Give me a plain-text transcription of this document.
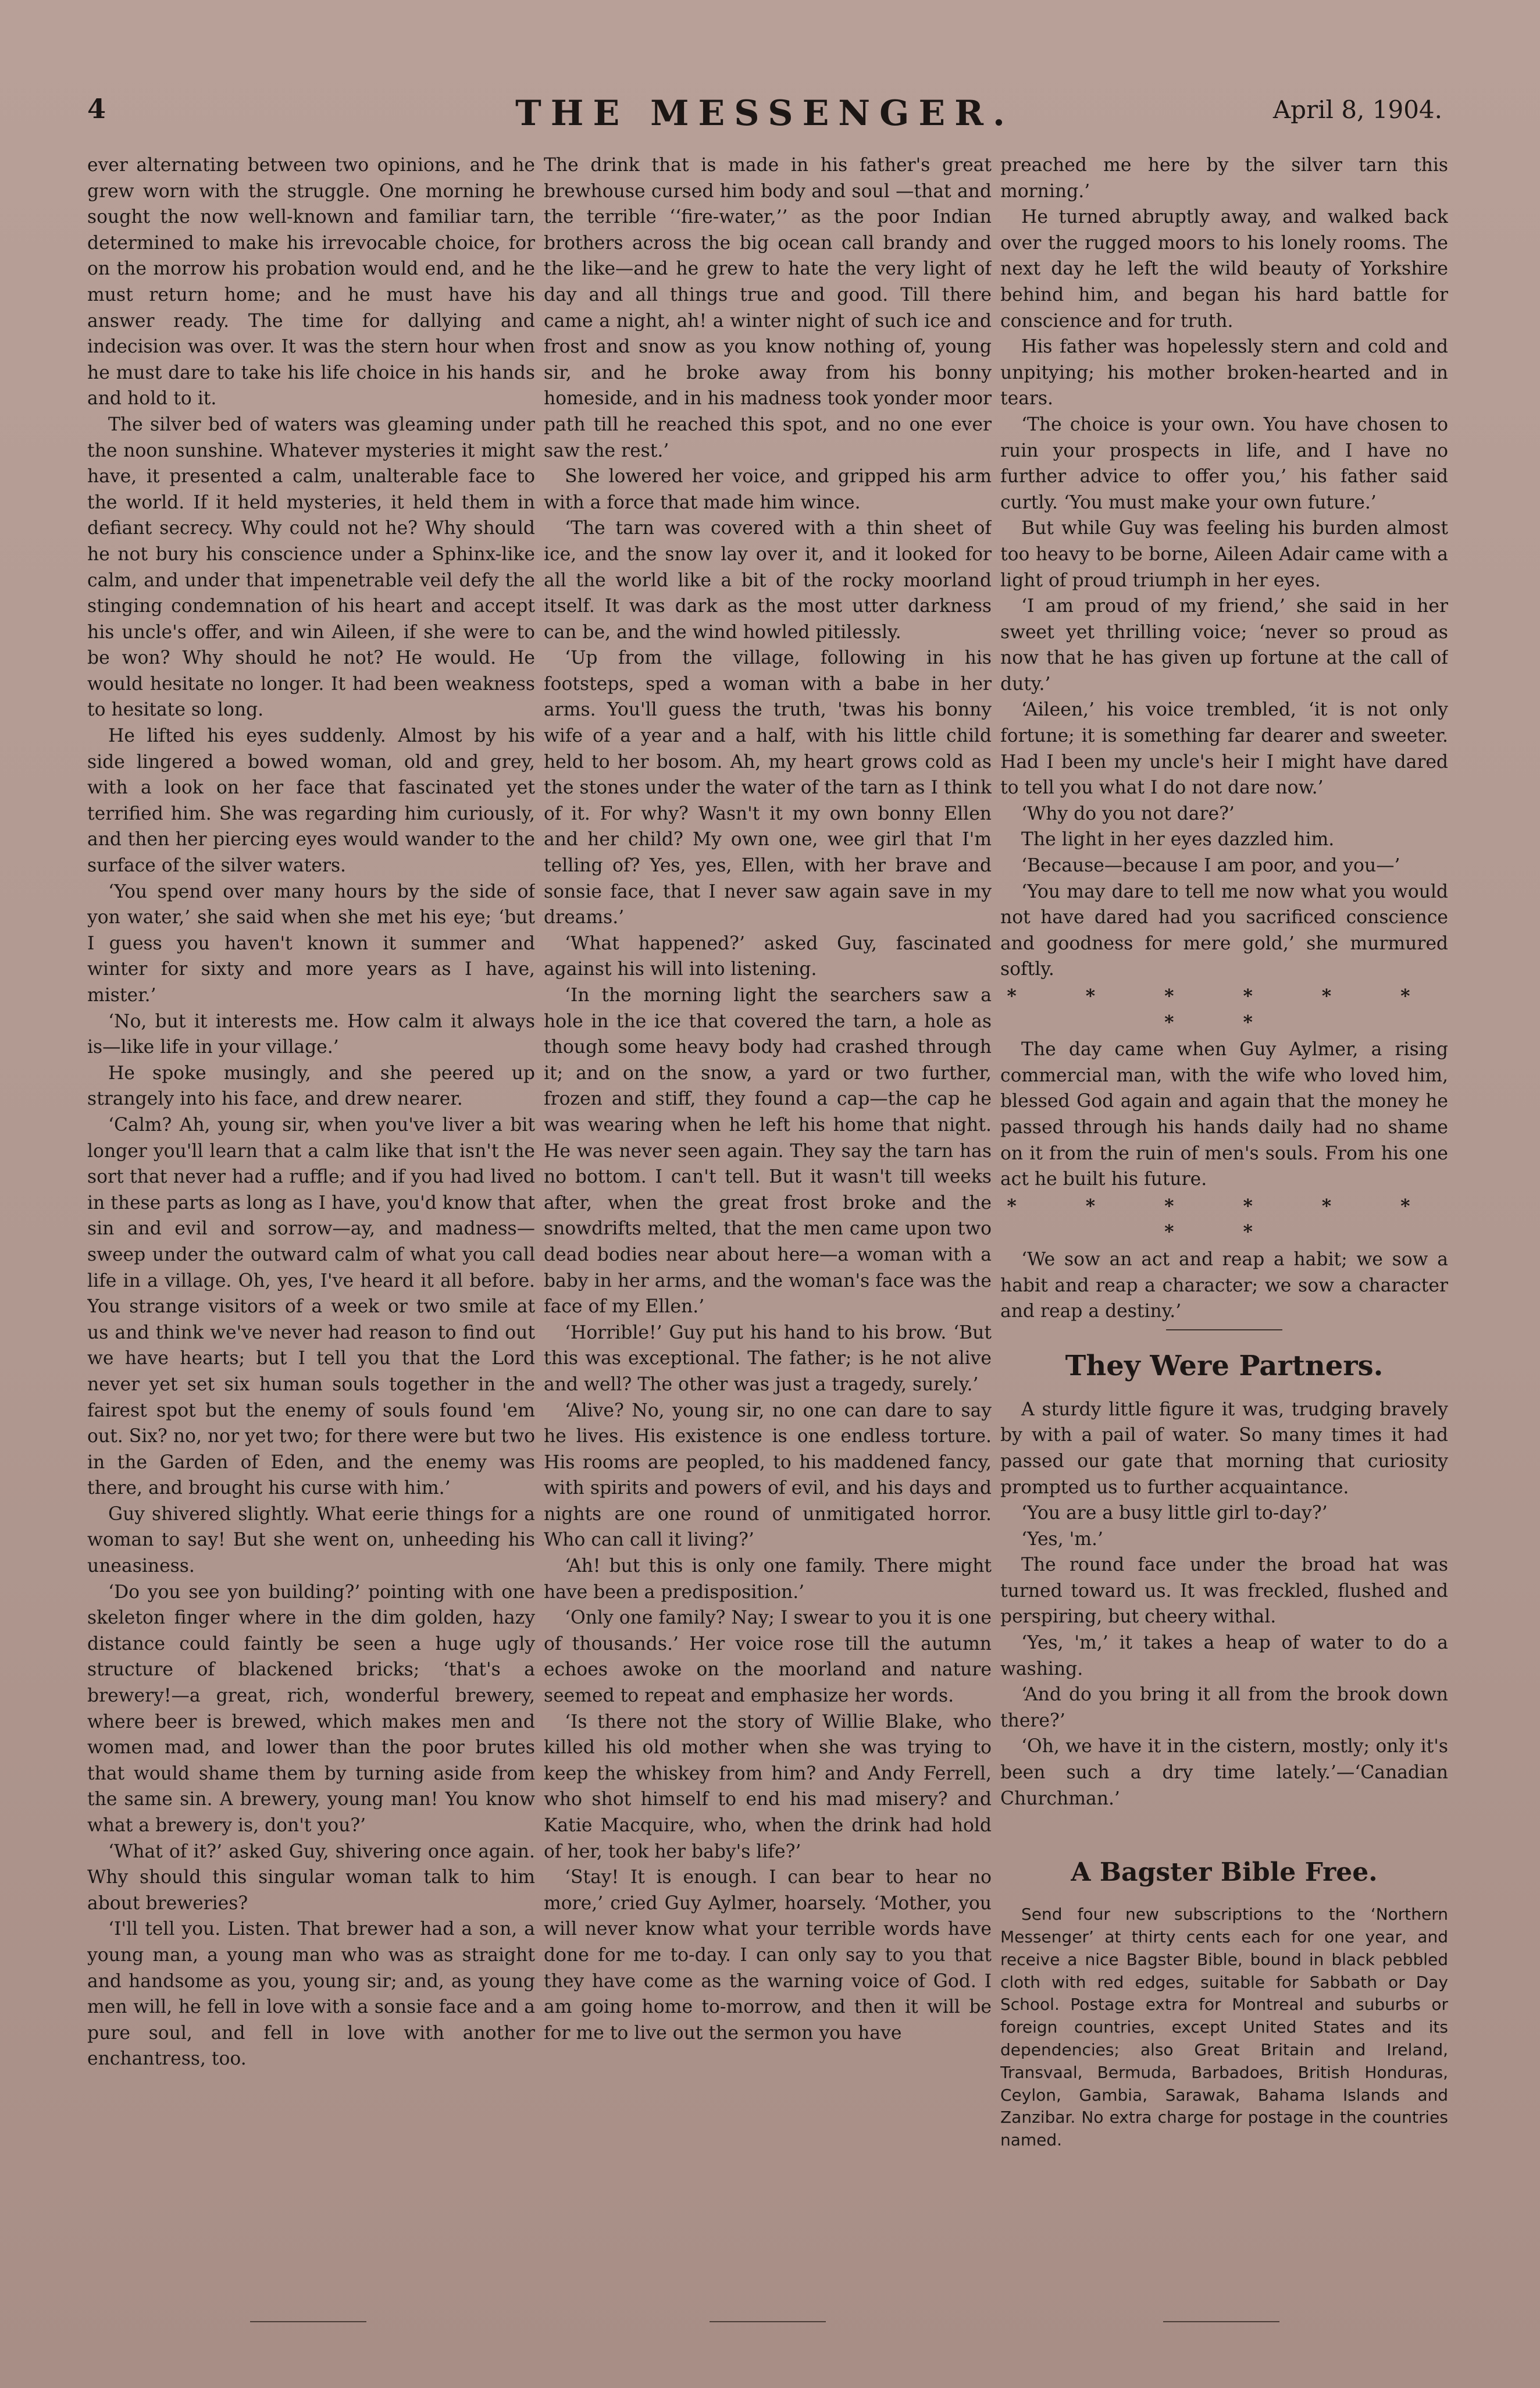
4	THE MESSENGER.	April 8, 1904.

ever alternating between two opinions, and he grew worn with the struggle. One morning he sought the now well-known and familiar tarn, determined to make his irrevocable choice, for on the morrow his probation would end, and he must return home; and he must have his answer ready. The time for dallying and indecision was over. It was the stern hour when he must dare to take his life choice in his hands and hold to it.

The silver bed of waters was gleaming under the noon sunshine. Whatever mysteries it might have, it presented a calm, unalterable face to the world. If it held mysteries, it held them in defiant secrecy. Why could not he? Why should he not bury his conscience under a Sphinx-like calm, and under that impenetrable veil defy the stinging condemnation of his heart and accept his uncle's offer, and win Aileen, if she were to be won? Why should he not? He would. He would hesitate no longer. It had been weakness to hesitate so long.

He lifted his eyes suddenly. Almost by his side lingered a bowed woman, old and grey, with a look on her face that fascinated yet terrified him. She was regarding him curiously, and then her piercing eyes would wander to the surface of the silver waters.

‘You spend over many hours by the side of yon water,’ she said when she met his eye; ‘but I guess you haven't known it summer and winter for sixty and more years as I have, mister.’

‘No, but it interests me. How calm it always is—like life in your village.’

He spoke musingly, and she peered up strangely into his face, and drew nearer.

‘Calm? Ah, young sir, when you've liver a bit longer you'll learn that a calm like that isn't the sort that never had a ruffle; and if you had lived in these parts as long as I have, you'd know that sin and evil and sorrow—ay, and madness—sweep under the outward calm of what you call life in a village. Oh, yes, I've heard it all before. You strange visitors of a week or two smile at us and think we've never had reason to find out we have hearts; but I tell you that the Lord never yet set six human souls together in the fairest spot but the enemy of souls found 'em out. Six? no, nor yet two; for there were but two in the Garden of Eden, and the enemy was there, and brought his curse with him.’

Guy shivered slightly. What eerie things for a woman to say! But she went on, unheeding his uneasiness.

‘Do you see yon building?’ pointing with one skeleton finger where in the dim golden, hazy distance could faintly be seen a huge ugly structure of blackened bricks; ‘that's a brewery!—a great, rich, wonderful brewery, where beer is brewed, which makes men and women mad, and lower than the poor brutes that would shame them by turning aside from the same sin. A brewery, young man! You know what a brewery is, don't you?’

‘What of it?’ asked Guy, shivering once again. Why should this singular woman talk to him about breweries?

‘I'll tell you. Listen. That brewer had a son, a young man, a young man who was as straight and handsome as you, young sir; and, as young men will, he fell in love with a sonsie face and a pure soul, and fell in love with another enchantress, too.

The drink that is made in his father's great brewhouse cursed him body and soul —that and the terrible ‘‘fire-water,’’ as the poor Indian brothers across the big ocean call brandy and the like—and he grew to hate the very light of day and all things true and good. Till there came a night, ah! a winter night of such ice and frost and snow as you know nothing of, young sir, and he broke away from his bonny homeside, and in his madness took yonder moor path till he reached this spot, and no one ever saw the rest.’

She lowered her voice, and gripped his arm with a force that made him wince.

‘The tarn was covered with a thin sheet of ice, and the snow lay over it, and it looked for all the world like a bit of the rocky moorland itself. It was dark as the most utter darkness can be, and the wind howled pitilessly.

‘Up from the village, following in his footsteps, sped a woman with a babe in her arms. You'll guess the truth, 'twas his bonny wife of a year and a half, with his little child held to her bosom. Ah, my heart grows cold as the stones under the water of the tarn as I think of it. For why? Wasn't it my own bonny Ellen and her child? My own one, wee girl that I'm telling of? Yes, yes, Ellen, with her brave and sonsie face, that I never saw again save in my dreams.’

‘What happened?’ asked Guy, fascinated against his will into listening.

‘In the morning light the searchers saw a hole in the ice that covered the tarn, a hole as though some heavy body had crashed through it; and on the snow, a yard or two further, frozen and stiff, they found a cap—the cap he was wearing when he left his home that night. He was never seen again. They say the tarn has no bottom. I can't tell. But it wasn't till weeks after, when the great frost broke and the snowdrifts melted, that the men came upon two dead bodies near about here—a woman with a baby in her arms, and the woman's face was the face of my Ellen.’

‘Horrible!’ Guy put his hand to his brow. ‘But this was exceptional. The father; is he not alive and well? The other was just a tragedy, surely.’

‘Alive? No, young sir, no one can dare to say he lives. His existence is one endless torture. His rooms are peopled, to his maddened fancy, with spirits and powers of evil, and his days and nights are one round of unmitigated horror. Who can call it living?’

‘Ah! but this is only one family. There might have been a predisposition.’

‘Only one family? Nay; I swear to you it is one of thousands.’ Her voice rose till the autumn echoes awoke on the moorland and nature seemed to repeat and emphasize her words.

‘Is there not the story of Willie Blake, who killed his old mother when she was trying to keep the whiskey from him? and Andy Ferrell, who shot himself to end his mad misery? and Katie Macquire, who, when the drink had hold of her, took her baby's life?’

‘Stay! It is enough. I can bear to hear no more,’ cried Guy Aylmer, hoarsely. ‘Mother, you will never know what your terrible words have done for me to-day. I can only say to you that they have come as the warning voice of God. I am going home to-morrow, and then it will be for me to live out the sermon you have

preached me here by the silver tarn this morning.’

He turned abruptly away, and walked back over the rugged moors to his lonely rooms. The next day he left the wild beauty of Yorkshire behind him, and began his hard battle for conscience and for truth.

His father was hopelessly stern and cold and unpitying; his mother broken-hearted and in tears.

‘The choice is your own. You have chosen to ruin your prospects in life, and I have no further advice to offer you,’ his father said curtly. ‘You must make your own future.’

But while Guy was feeling his burden almost too heavy to be borne, Aileen Adair came with a light of proud triumph in her eyes.

‘I am proud of my friend,’ she said in her sweet yet thrilling voice; ‘never so proud as now that he has given up fortune at the call of duty.’

‘Aileen,’ his voice trembled, ‘it is not only fortune; it is something far dearer and sweeter. Had I been my uncle's heir I might have dared to tell you what I do not dare now.’

‘Why do you not dare?’

The light in her eyes dazzled him.

‘Because—because I am poor, and you—’

‘You may dare to tell me now what you would not have dared had you sacrificed conscience and goodness for mere gold,’ she murmured softly.

* * * * * * * *

The day came when Guy Aylmer, a rising commercial man, with the wife who loved him, blessed God again and again that the money he passed through his hands daily had no shame on it from the ruin of men's souls. From his one act he built his future.

* * * * * * * *

‘We sow an act and reap a habit; we sow a habit and reap a character; we sow a character and reap a destiny.’

They Were Partners.

A sturdy little figure it was, trudging bravely by with a pail of water. So many times it had passed our gate that morning that curiosity prompted us to further acquaintance.

‘You are a busy little girl to-day?’

‘Yes, 'm.’

The round face under the broad hat was turned toward us. It was freckled, flushed and perspiring, but cheery withal.

‘Yes, 'm,’ it takes a heap of water to do a washing.

‘And do you bring it all from the brook down there?’

‘Oh, we have it in the cistern, mostly; only it's been such a dry time lately.’—‘Canadian Churchman.’

A Bagster Bible Free.

Send four new subscriptions to the ‘Northern Messenger’ at thirty cents each for one year, and receive a nice Bagster Bible, bound in black pebbled cloth with red edges, suitable for Sabbath or Day School. Postage extra for Montreal and suburbs or foreign countries, except United States and its dependencies; also Great Britain and Ireland, Transvaal, Bermuda, Barbadoes, British Honduras, Ceylon, Gambia, Sarawak, Bahama Islands and Zanzibar. No extra charge for postage in the countries named.
